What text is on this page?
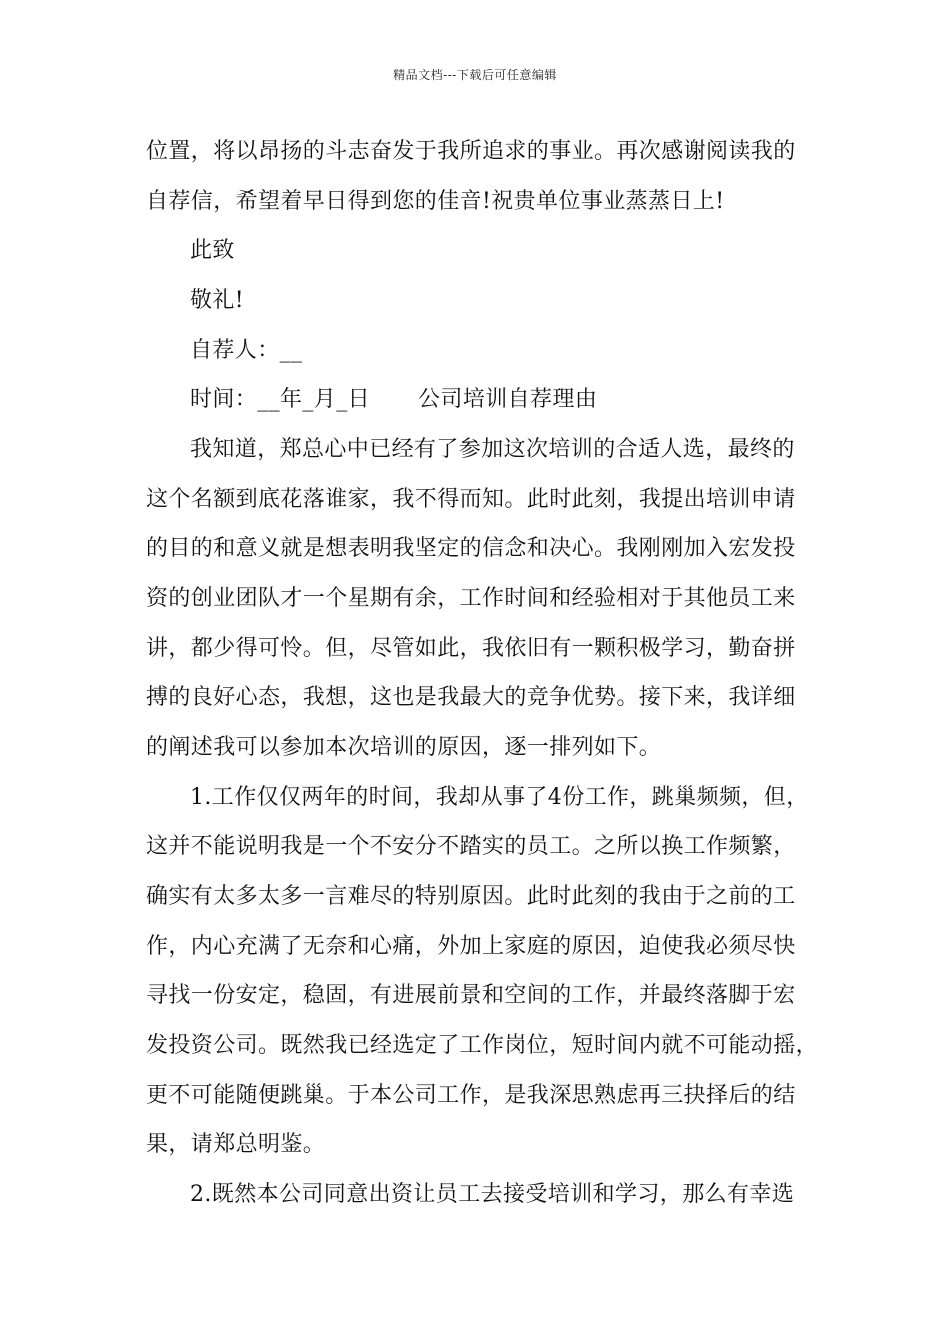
精品文档---下载后可任意编辑
位置，将以昂扬的斗志奋发于我所追求的事业。再次感谢阅读我的
自荐信，希望着早日得到您的佳音!祝贵单位事业蒸蒸日上!
此致
敬礼!
自荐人：__
时间：__年_月_日 公司培训自荐理由
我知道，郑总心中已经有了参加这次培训的合适人选，最终的
这个名额到底花落谁家，我不得而知。此时此刻，我提出培训申请
的目的和意义就是想表明我坚定的信念和决心。我刚刚加入宏发投
资的创业团队才一个星期有余，工作时间和经验相对于其他员工来
讲，都少得可怜。但，尽管如此，我依旧有一颗积极学习，勤奋拼
搏的良好心态，我想，这也是我最大的竞争优势。接下来，我详细
的阐述我可以参加本次培训的原因，逐一排列如下。
1.工作仅仅两年的时间，我却从事了4份工作，跳巢频频，但，
这并不能说明我是一个不安分不踏实的员工。之所以换工作频繁，
确实有太多太多一言难尽的特别原因。此时此刻的我由于之前的工
作，内心充满了无奈和心痛，外加上家庭的原因，迫使我必须尽快
寻找一份安定，稳固，有进展前景和空间的工作，并最终落脚于宏
发投资公司。既然我已经选定了工作岗位，短时间内就不可能动摇，
更不可能随便跳巢。于本公司工作，是我深思熟虑再三抉择后的结
果，请郑总明鉴。
2.既然本公司同意出资让员工去接受培训和学习，那么有幸选
